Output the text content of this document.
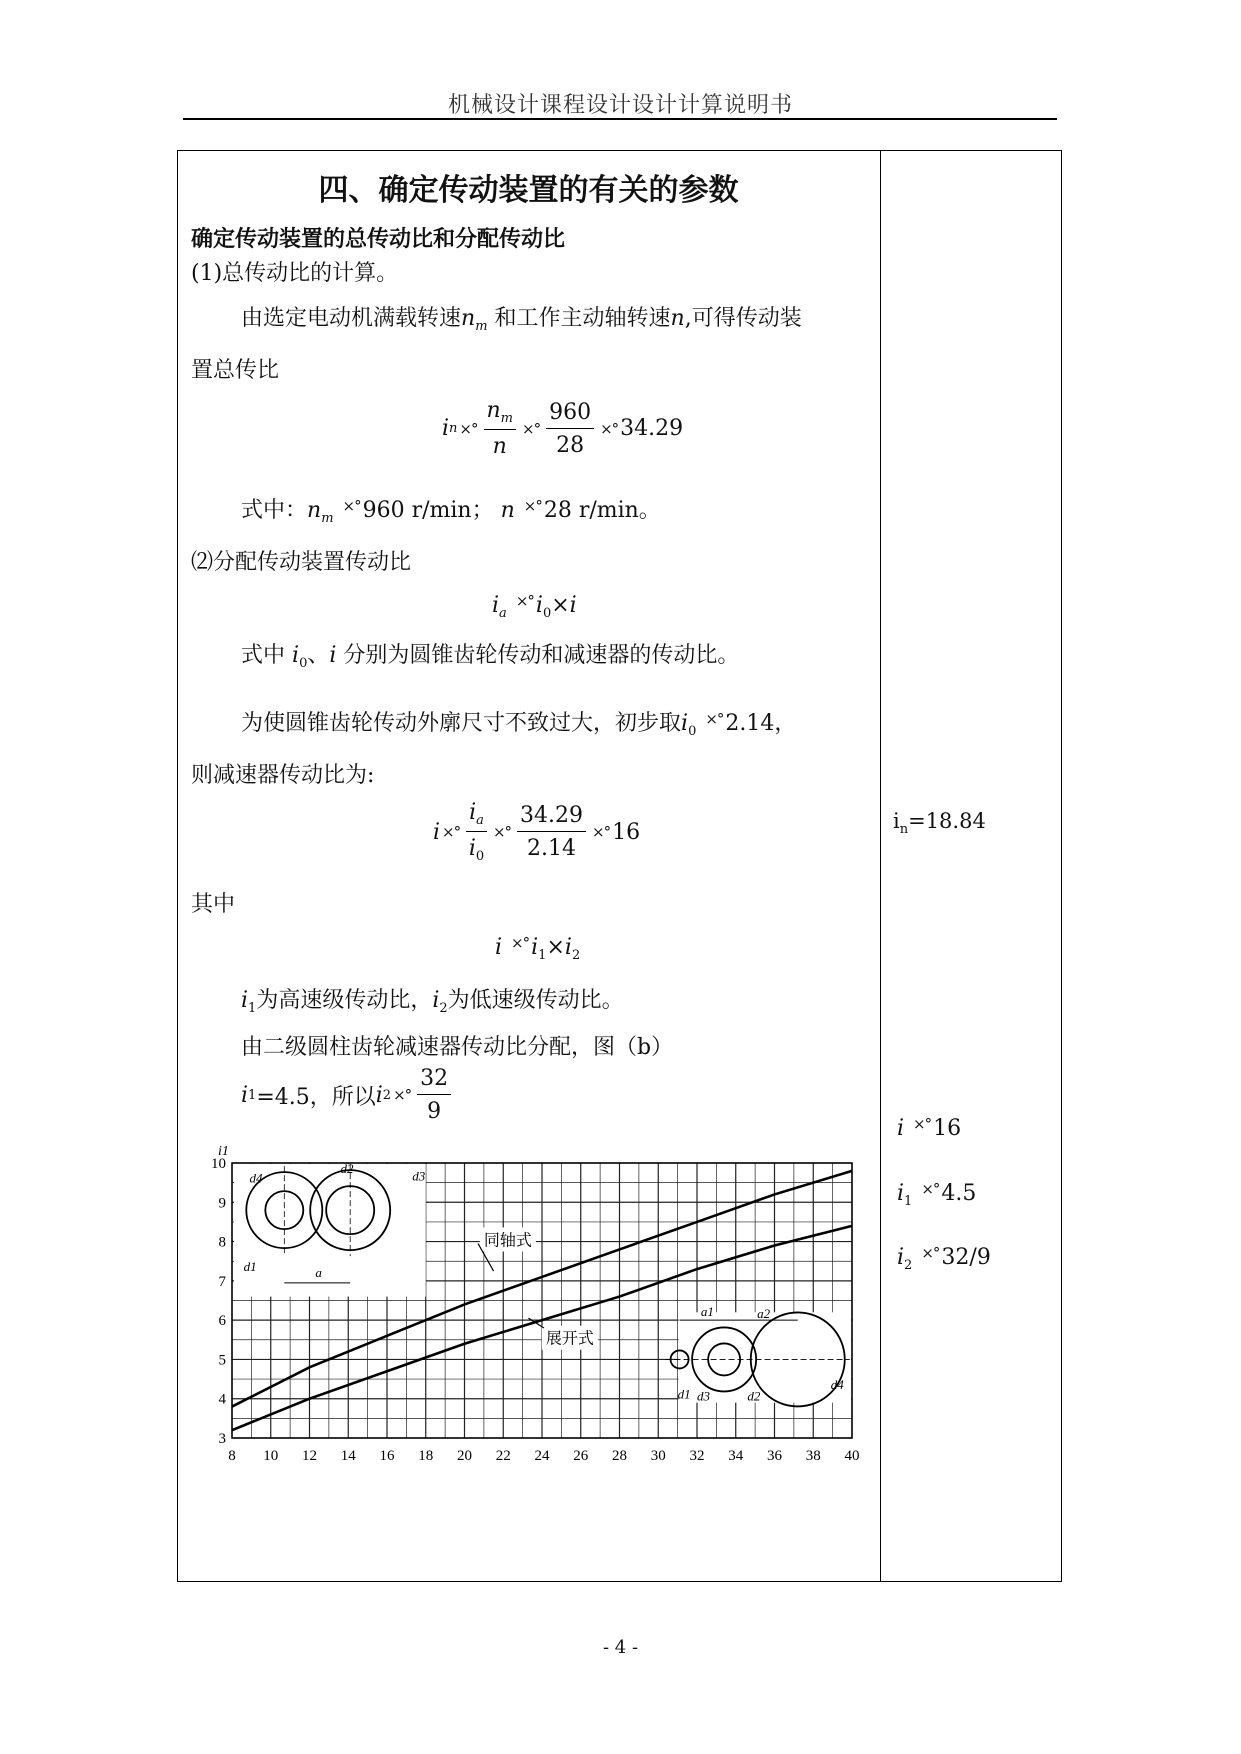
机械设计课程设计设计计算说明书
四、确定传动装置的有关的参数
确定传动装置的总传动比和分配传动比
(1)总传动比的计算。
由选定电动机满载转速$n_m$ 和工作主动轴转速n,可得传动装
置总传比
i n ×° $\frac{n_m}{n}$ ×° $\frac{960}{28}$ ×° 34.29
式中：$n_m$ ×°960 r/min； n ×°28 r/min。
⑵分配传动装置传动比
$i_a$ $^{\times^\circ}i_0\times i$
式中 $i_0$、i 分别为圆锥齿轮传动和减速器的传动比。
为使圆锥齿轮传动外廓尺寸不致过大，初步取$i_0$ ×°2.14，
则减速器传动比为:
i ×° $\frac{i_a}{i_0}$ ×° $\frac{34.29}{2.14}$ ×° 16
其中
i $^{\times^\circ}i_1\times i_2$
$i_1$为高速级传动比，$i_2$为低速级传动比。
由二级圆柱齿轮减速器传动比分配，图（b）
i 1 =4.5，所以 i 2 ×° $\frac{32}{9}$
$i_n=18.84$
i ×°16
$i_1$ ×°4.5
$i_2$ ×°32/9
8 10 12 14 16 18 20 22 24 26 28 30 32 34 36 38 40
3
4
5
6
7
8
9
10
i1
同轴式
展开式
d4
d2
d3
d1	a
a1	a2
d1 d3	d2
d4
- 4 -
